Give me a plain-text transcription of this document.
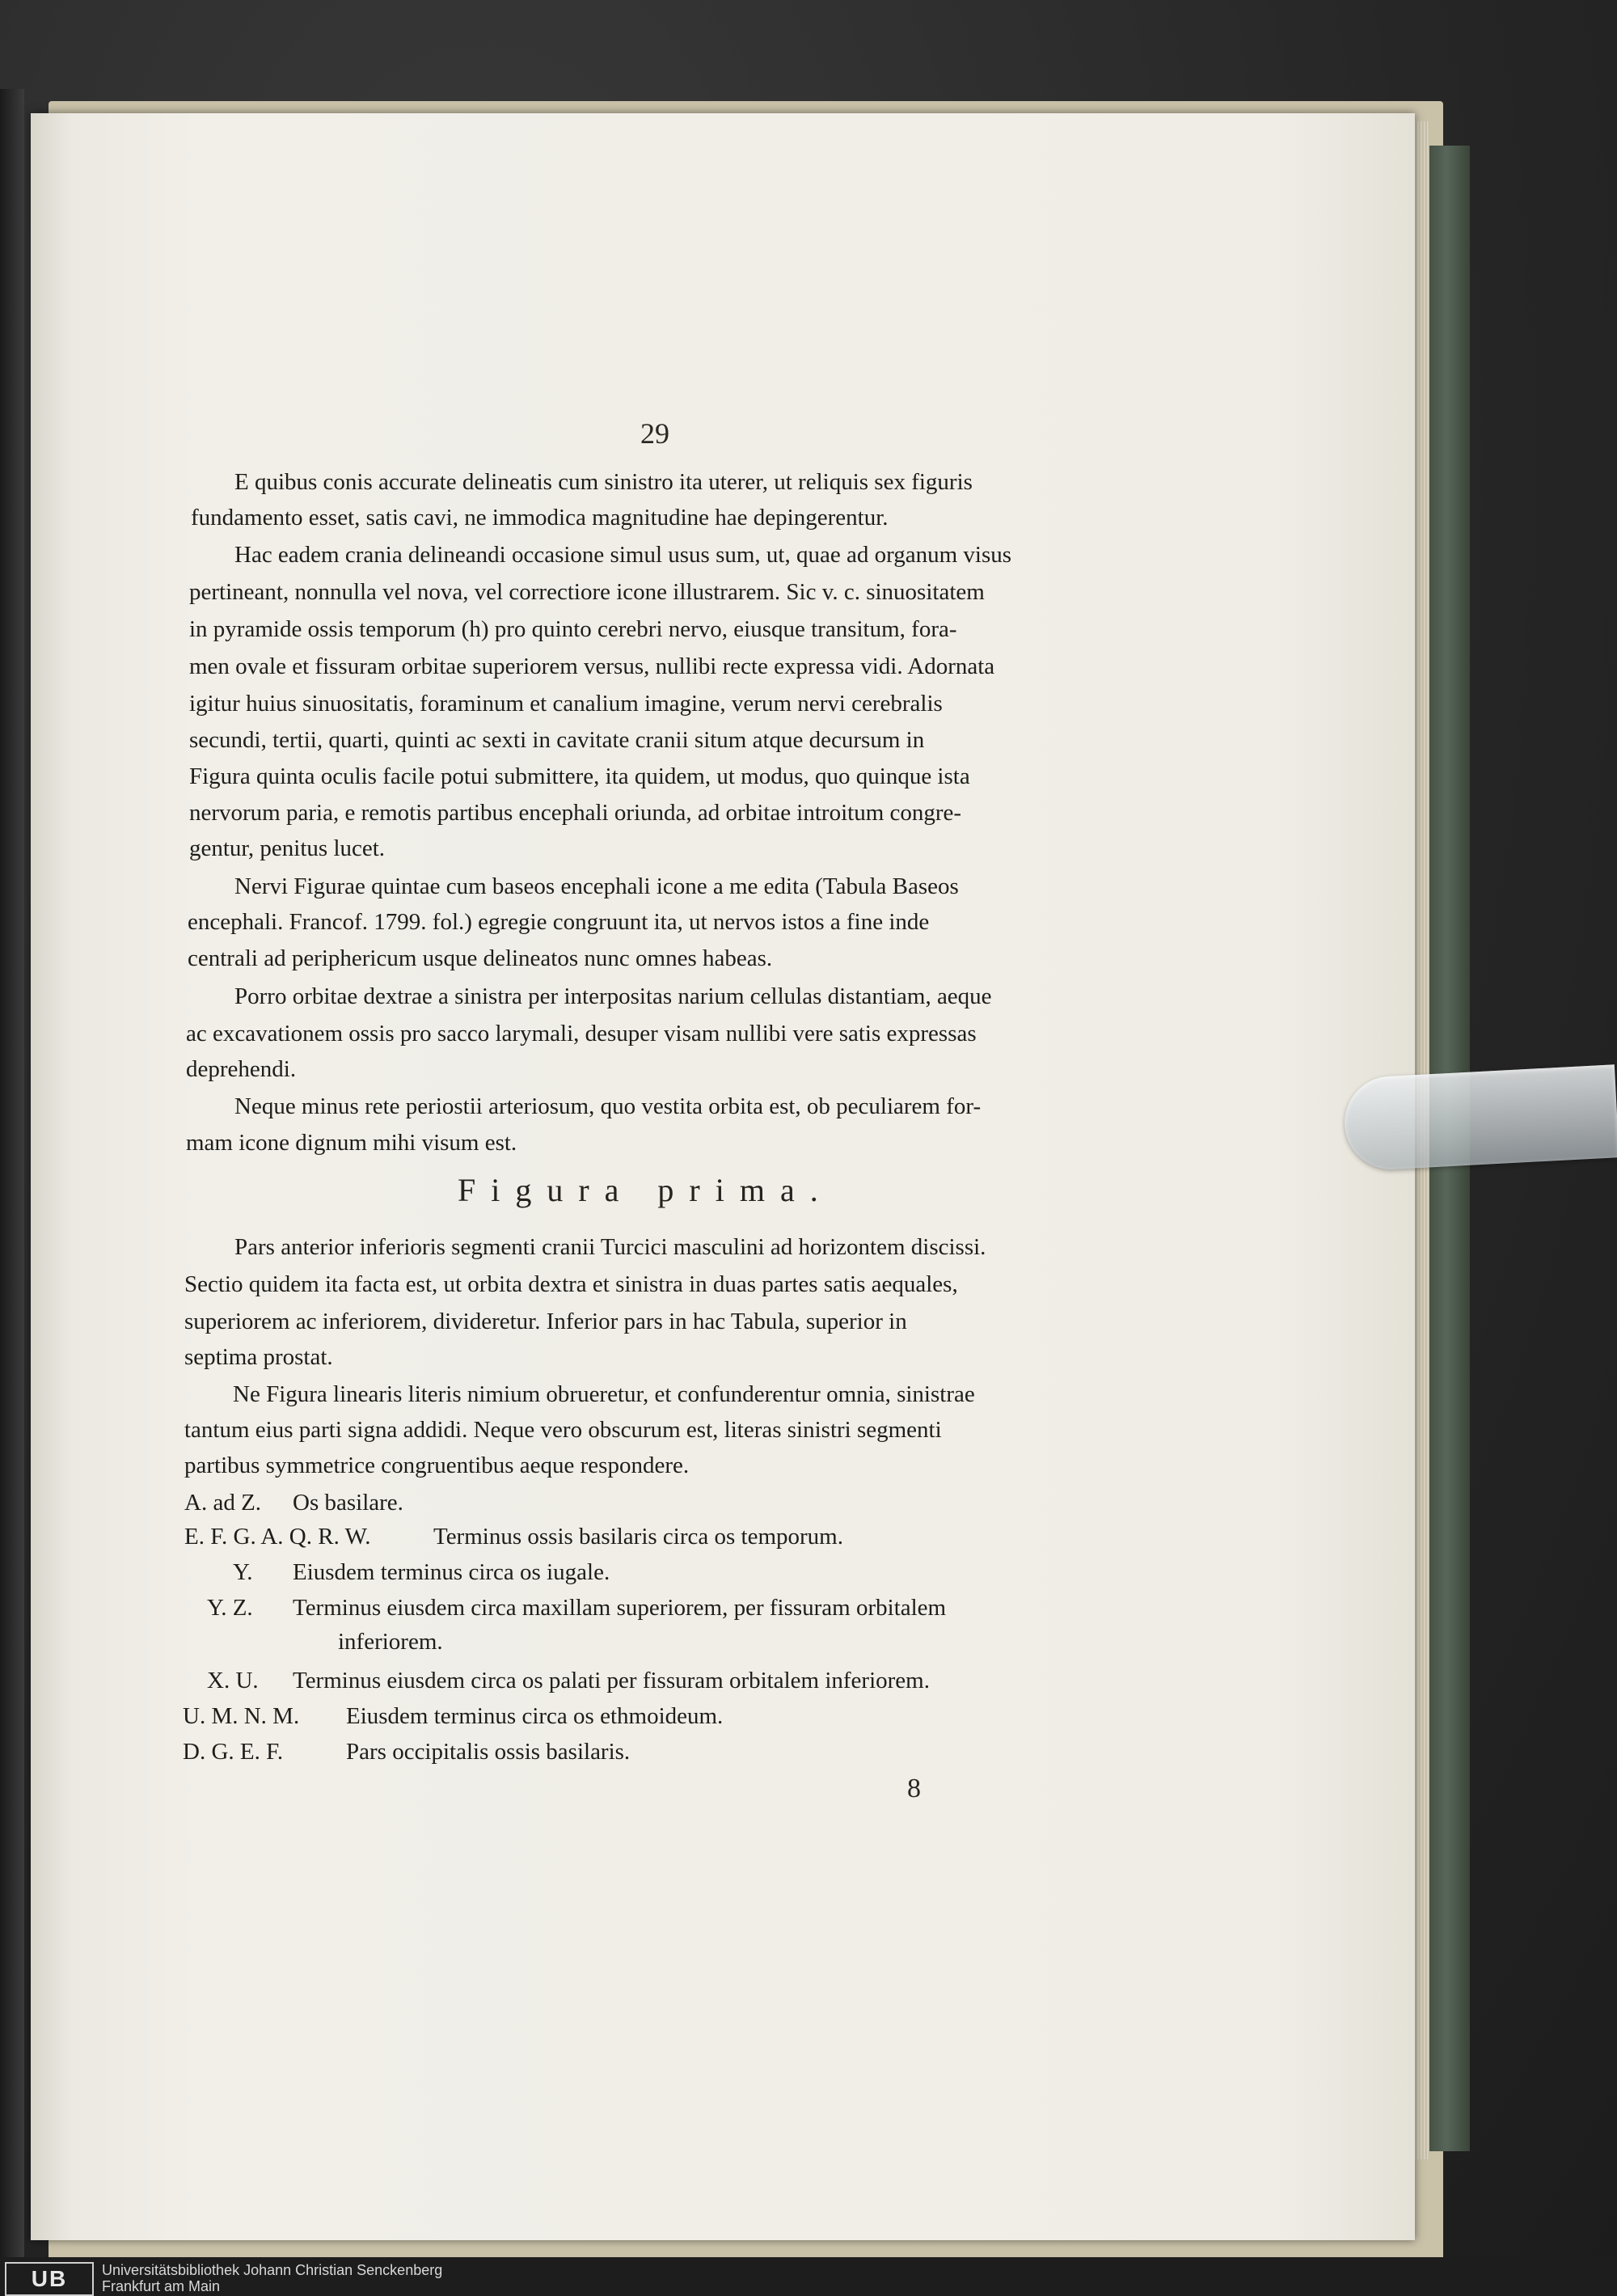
29
E quibus conis accurate delineatis cum sinistro ita uterer, ut reliquis sex figuris
fundamento esset, satis cavi, ne immodica magnitudine hae depingerentur.
Hac eadem crania delineandi occasione simul usus sum, ut, quae ad organum visus
pertineant, nonnulla vel nova, vel correctiore icone illustrarem. Sic v. c. sinuositatem
in pyramide ossis temporum (h) pro quinto cerebri nervo, eiusque transitum, fora-
men ovale et fissuram orbitae superiorem versus, nullibi recte expressa vidi. Adornata
igitur huius sinuositatis, foraminum et canalium imagine, verum nervi cerebralis
secundi, tertii, quarti, quinti ac sexti in cavitate cranii situm atque decursum in
Figura quinta oculis facile potui submittere, ita quidem, ut modus, quo quinque ista
nervorum paria, e remotis partibus encephali oriunda, ad orbitae introitum congre-
gentur, penitus lucet.
Nervi Figurae quintae cum baseos encephali icone a me edita (Tabula Baseos
encephali. Francof. 1799. fol.) egregie congruunt ita, ut nervos istos a fine inde
centrali ad periphericum usque delineatos nunc omnes habeas.
Porro orbitae dextrae a sinistra per interpositas narium cellulas distantiam, aeque
ac excavationem ossis pro sacco larymali, desuper visam nullibi vere satis expressas
deprehendi.
Neque minus rete periostii arteriosum, quo vestita orbita est, ob peculiarem for-
mam icone dignum mihi visum est.
Figura prima.
Pars anterior inferioris segmenti cranii Turcici masculini ad horizontem discissi.
Sectio quidem ita facta est, ut orbita dextra et sinistra in duas partes satis aequales,
superiorem ac inferiorem, divideretur. Inferior pars in hac Tabula, superior in
septima prostat.
Ne Figura linearis literis nimium obrueretur, et confunderentur omnia, sinistrae
tantum eius parti signa addidi. Neque vero obscurum est, literas sinistri segmenti
partibus symmetrice congruentibus aeque respondere.
A. ad Z. Os basilare.
E. F. G. A. Q. R. W.	Terminus ossis basilaris circa os temporum.
Y. Eiusdem terminus circa os iugale.
Y. Z. Terminus eiusdem circa maxillam superiorem, per fissuram orbitalem
inferiorem.
X. U. Terminus eiusdem circa os palati per fissuram orbitalem inferiorem.
U. M. N. M. Eiusdem terminus circa os ethmoideum.
D. G. E. F.	Pars occipitalis ossis basilaris.
8
UB	Universitätsbibliothek Johann Christian Senckenberg
Frankfurt am Main
